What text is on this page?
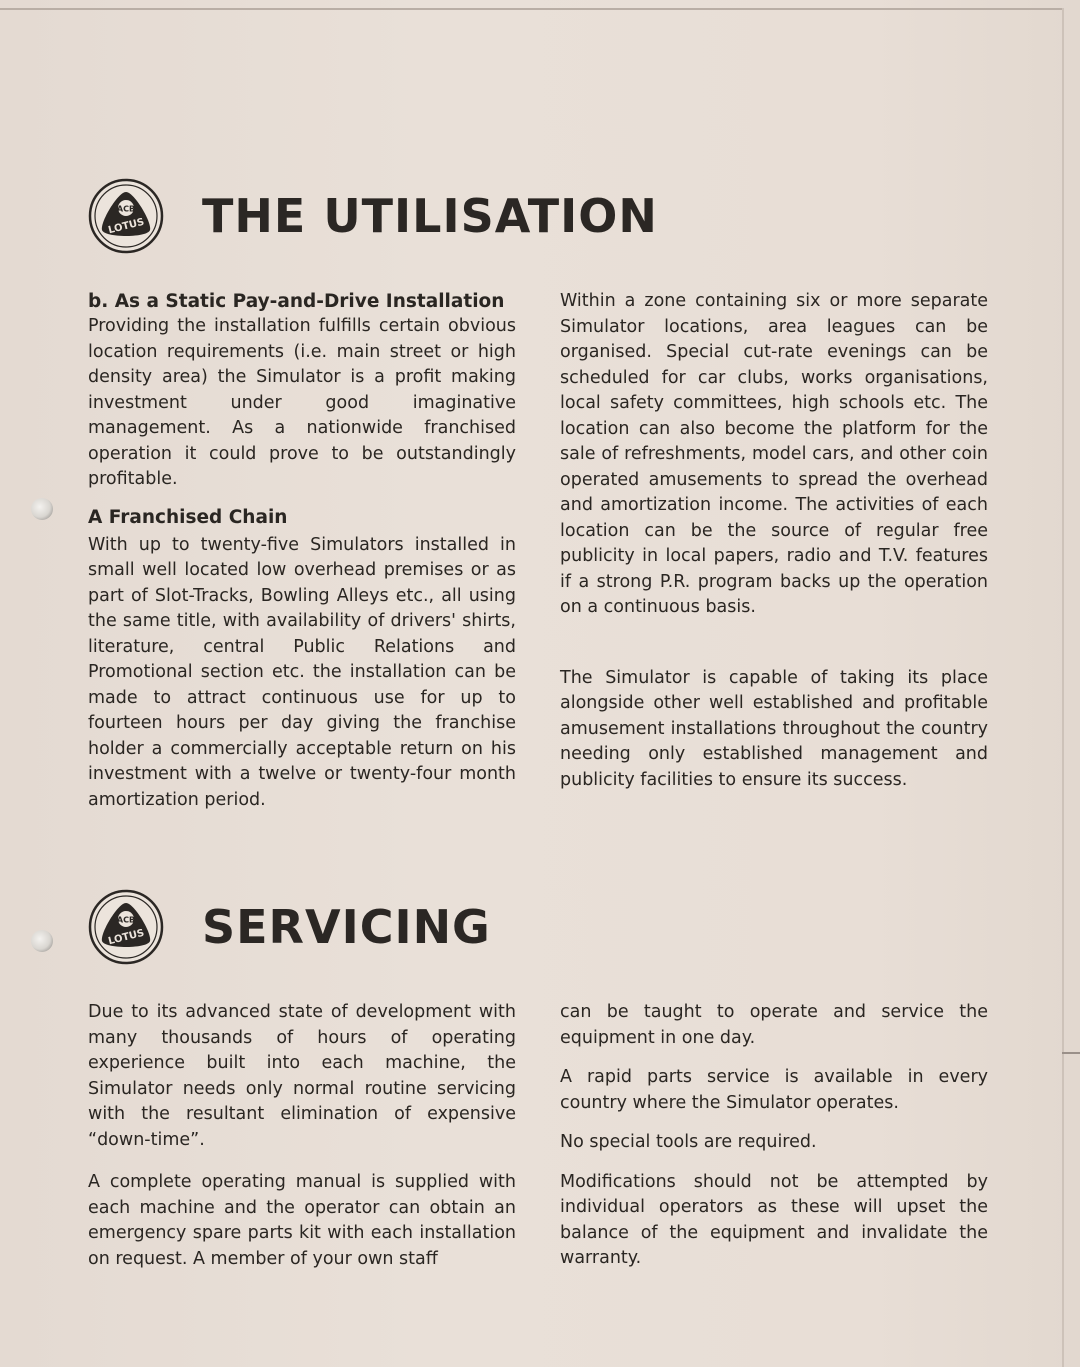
ACB
LOTUS THE UTILISATION
b. As a Static Pay-and-Drive Installation

Providing the installation fulfills certain obvious location requirements (i.e. main street or high density area) the Simulator is a profit making investment under good imaginative management. As a nationwide franchised operation it could prove to be outstandingly profitable.

A Franchised Chain

With up to twenty-five Simulators installed in small well located low overhead premises or as part of Slot-Tracks, Bowling Alleys etc., all using the same title, with availability of drivers' shirts, literature, central Public Relations and Promotional section etc. the installation can be made to attract continuous use for up to fourteen hours per day giving the franchise holder a commercially acceptable return on his investment with a twelve or twenty-four month amortization period.

Within a zone containing six or more separate Simulator locations, area leagues can be organised. Special cut-rate evenings can be scheduled for car clubs, works organisations, local safety committees, high schools etc. The location can also become the platform for the sale of refreshments, model cars, and other coin operated amusements to spread the overhead and amortization income. The activities of each location can be the source of regular free publicity in local papers, radio and T.V. features if a strong P.R. program backs up the operation on a continuous basis.

The Simulator is capable of taking its place alongside other well established and profitable amusement installations throughout the country needing only established management and publicity facilities to ensure its success.

ACB
LOTUS SERVICING

Due to its advanced state of development with many thousands of hours of operating experience built into each machine, the Simulator needs only normal routine servicing with the resultant elimination of expensive “down-time”.

A complete operating manual is supplied with each machine and the operator can obtain an emergency spare parts kit with each installation on request. A member of your own staff

can be taught to operate and service the equipment in one day.

A rapid parts service is available in every country where the Simulator operates.

No special tools are required.

Modifications should not be attempted by individual operators as these will upset the balance of the equipment and invalidate the warranty.
